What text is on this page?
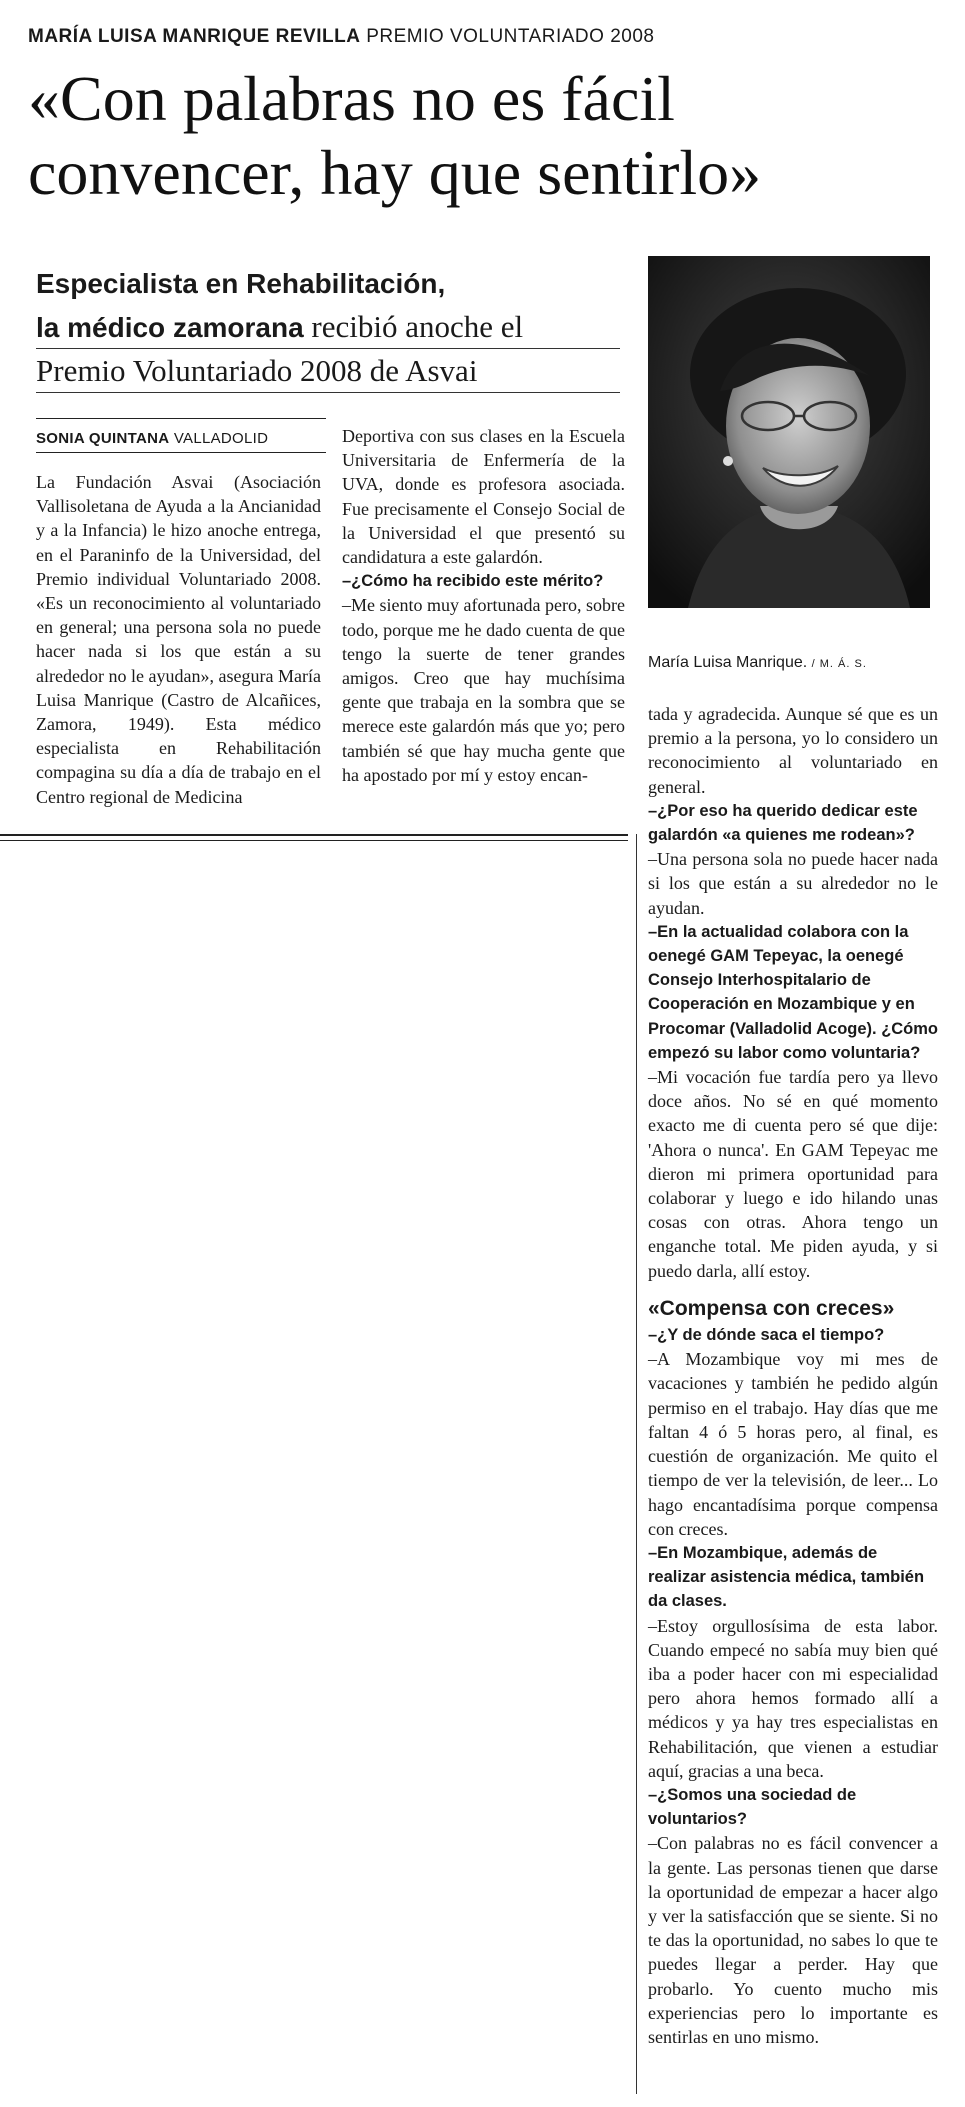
MARÍA LUISA MANRIQUE REVILLA PREMIO VOLUNTARIADO 2008
«Con palabras no es fácil
convencer, hay que sentirlo»
Especialista en Rehabilitación,
la médico zamorana recibió anoche el
Premio Voluntariado 2008 de Asvai
SONIA QUINTANA VALLADOLID

La Fundación Asvai (Asociación Vallisoletana de Ayuda a la Ancianidad y a la Infancia) le hizo anoche entrega, en el Paraninfo de la Universidad, del Premio individual Voluntariado 2008. «Es un reconocimiento al voluntariado en general; una persona sola no puede hacer nada si los que están a su alrededor no le ayudan», asegura María Luisa Manrique (Castro de Alcañices, Zamora, 1949). Esta médico especialista en Rehabilitación compagina su día a día de trabajo en el Centro regional de Medicina

Deportiva con sus clases en la Escuela Universitaria de Enfermería de la UVA, donde es profesora asociada. Fue precisamente el Consejo Social de la Universidad el que presentó su candidatura a este galardón.

–¿Cómo ha recibido este mérito?

–Me siento muy afortunada pero, sobre todo, porque me he dado cuenta de que tengo la suerte de tener grandes amigos. Creo que hay muchísima gente que trabaja en la sombra que se merece este galardón más que yo; pero también sé que hay mucha gente que ha apostado por mí y estoy encan-

María Luisa Manrique. / M. Á. S.

tada y agradecida. Aunque sé que es un premio a la persona, yo lo considero un reconocimiento al voluntariado en general.

–¿Por eso ha querido dedicar este galardón «a quienes me rodean»?

–Una persona sola no puede hacer nada si los que están a su alrededor no le ayudan.

–En la actualidad colabora con la oenegé GAM Tepeyac, la oenegé Consejo Interhospitalario de Cooperación en Mozambique y en Procomar (Valladolid Acoge). ¿Cómo empezó su labor como voluntaria?

–Mi vocación fue tardía pero ya llevo doce años. No sé en qué momento exacto me di cuenta pero sé que dije: 'Ahora o nunca'. En GAM Tepeyac me dieron mi primera oportunidad para colaborar y luego e ido hilando unas cosas con otras. Ahora tengo un enganche total. Me piden ayuda, y si puedo darla, allí estoy.

«Compensa con creces»

–¿Y de dónde saca el tiempo?

–A Mozambique voy mi mes de vacaciones y también he pedido algún permiso en el trabajo. Hay días que me faltan 4 ó 5 horas pero, al final, es cuestión de organización. Me quito el tiempo de ver la televisión, de leer... Lo hago encantadísima porque compensa con creces.

–En Mozambique, además de realizar asistencia médica, también da clases.

–Estoy orgullosísima de esta labor. Cuando empecé no sabía muy bien qué iba a poder hacer con mi especialidad pero ahora hemos formado allí a médicos y ya hay tres especialistas en Rehabilitación, que vienen a estudiar aquí, gracias a una beca.

–¿Somos una sociedad de voluntarios?

–Con palabras no es fácil convencer a la gente. Las personas tienen que darse la oportunidad de empezar a hacer algo y ver la satisfacción que se siente. Si no te das la oportunidad, no sabes lo que te puedes llegar a perder. Hay que probarlo. Yo cuento mucho mis experiencias pero lo importante es sentirlas en uno mismo.
